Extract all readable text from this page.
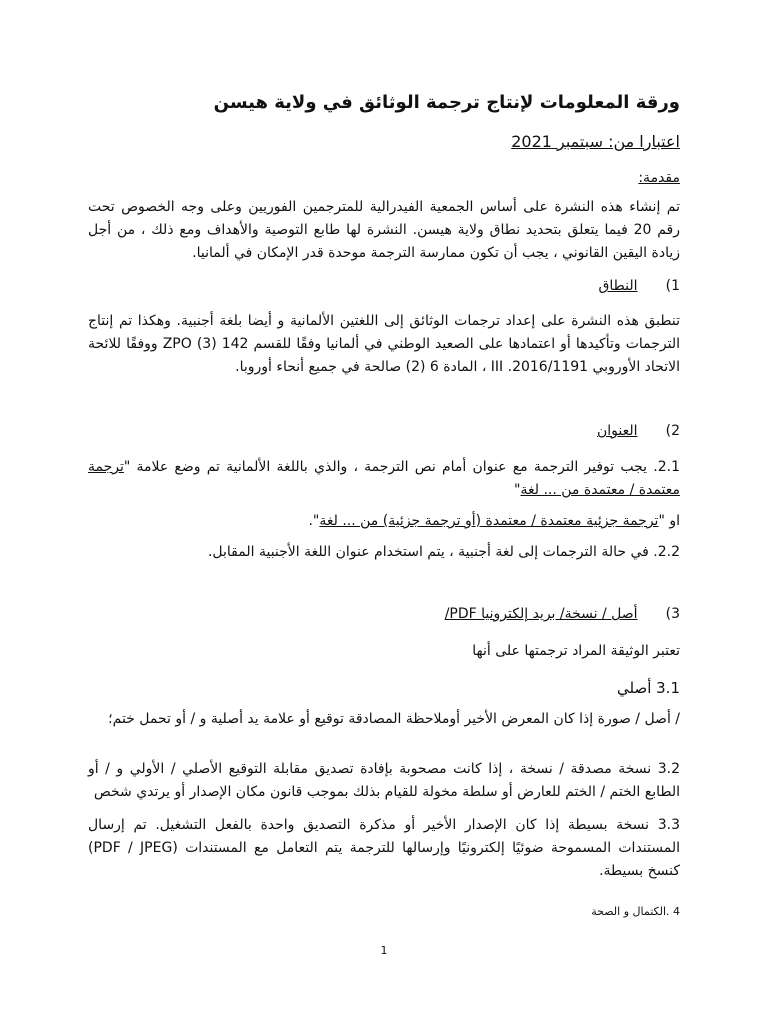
ورقة المعلومات لإنتاج ترجمة الوثائق في ولاية هيسن
اعتبارا من: سبتمبر 2021
مقدمة:
تم إنشاء هذه النشرة على أساس الجمعية الفيدرالية للمترجمين الفوريين وعلى وجه الخصوص تحت رقم 20 فيما يتعلق بتحديد نطاق ولاية هيسن. النشرة لها طابع التوصية والأهداف ومع ذلك ، من أجل زيادة اليقين القانوني ، يجب أن تكون ممارسة الترجمة موحدة قدر الإمكان في ألمانيا.
1) النطاق
تنطبق هذه النشرة على إعداد ترجمات الوثائق إلى اللغتين الألمانية و أيضا بلغة أجنبية. وهكذا تم إنتاج الترجمات وتأكيدها أو اعتمادها على الصعيد الوطني في ألمانيا وفقًا للقسم 142 (3) ZPO ووفقًا للائحة الاتحاد الأوروبي 2016/1191. III ، المادة 6 (2) صالحة في جميع أنحاء أوروبا.
2) العنوان
2.1. يجب توفير الترجمة مع عنوان أمام نص الترجمة ، والذي باللغة الألمانية تم وضع علامة "ترجمة معتمدة / معتمدة من ... لغة"
او "ترجمة جزئية معتمدة / معتمدة (أو ترجمة جزئية) من ... لغة".
2.2. في حالة الترجمات إلى لغة أجنبية ، يتم استخدام عنوان اللغة الأجنبية المقابل.
3) أصل / نسخة/ بريد إلكترونيا PDF/
تعتبر الوثيقة المراد ترجمتها على أنها
3.1 أصلي
/ أصل / صورة إذا كان المعرض الأخير أوملاحظة المصادقة توقيع أو علامة يد أصلية و / أو تحمل ختم؛
3.2 نسخة مصدقة / نسخة ، إذا كانت مصحوبة بإفادة تصديق مقابلة التوقيع الأصلي / الأولي و / أو الطابع الختم / الختم للعارض أو سلطة مخولة للقيام بذلك بموجب قانون مكان الإصدار أو يرتدي شخص
3.3 نسخة بسيطة إذا كان الإصدار الأخير أو مذكرة التصديق واحدة بالفعل التشغيل. تم إرسال المستندات المسموحة ضوئيًا إلكترونيًا وإرسالها للترجمة يتم التعامل مع المستندات (PDF / JPEG) كنسخ بسيطة.
4 .الكتمال و الصحة
1
